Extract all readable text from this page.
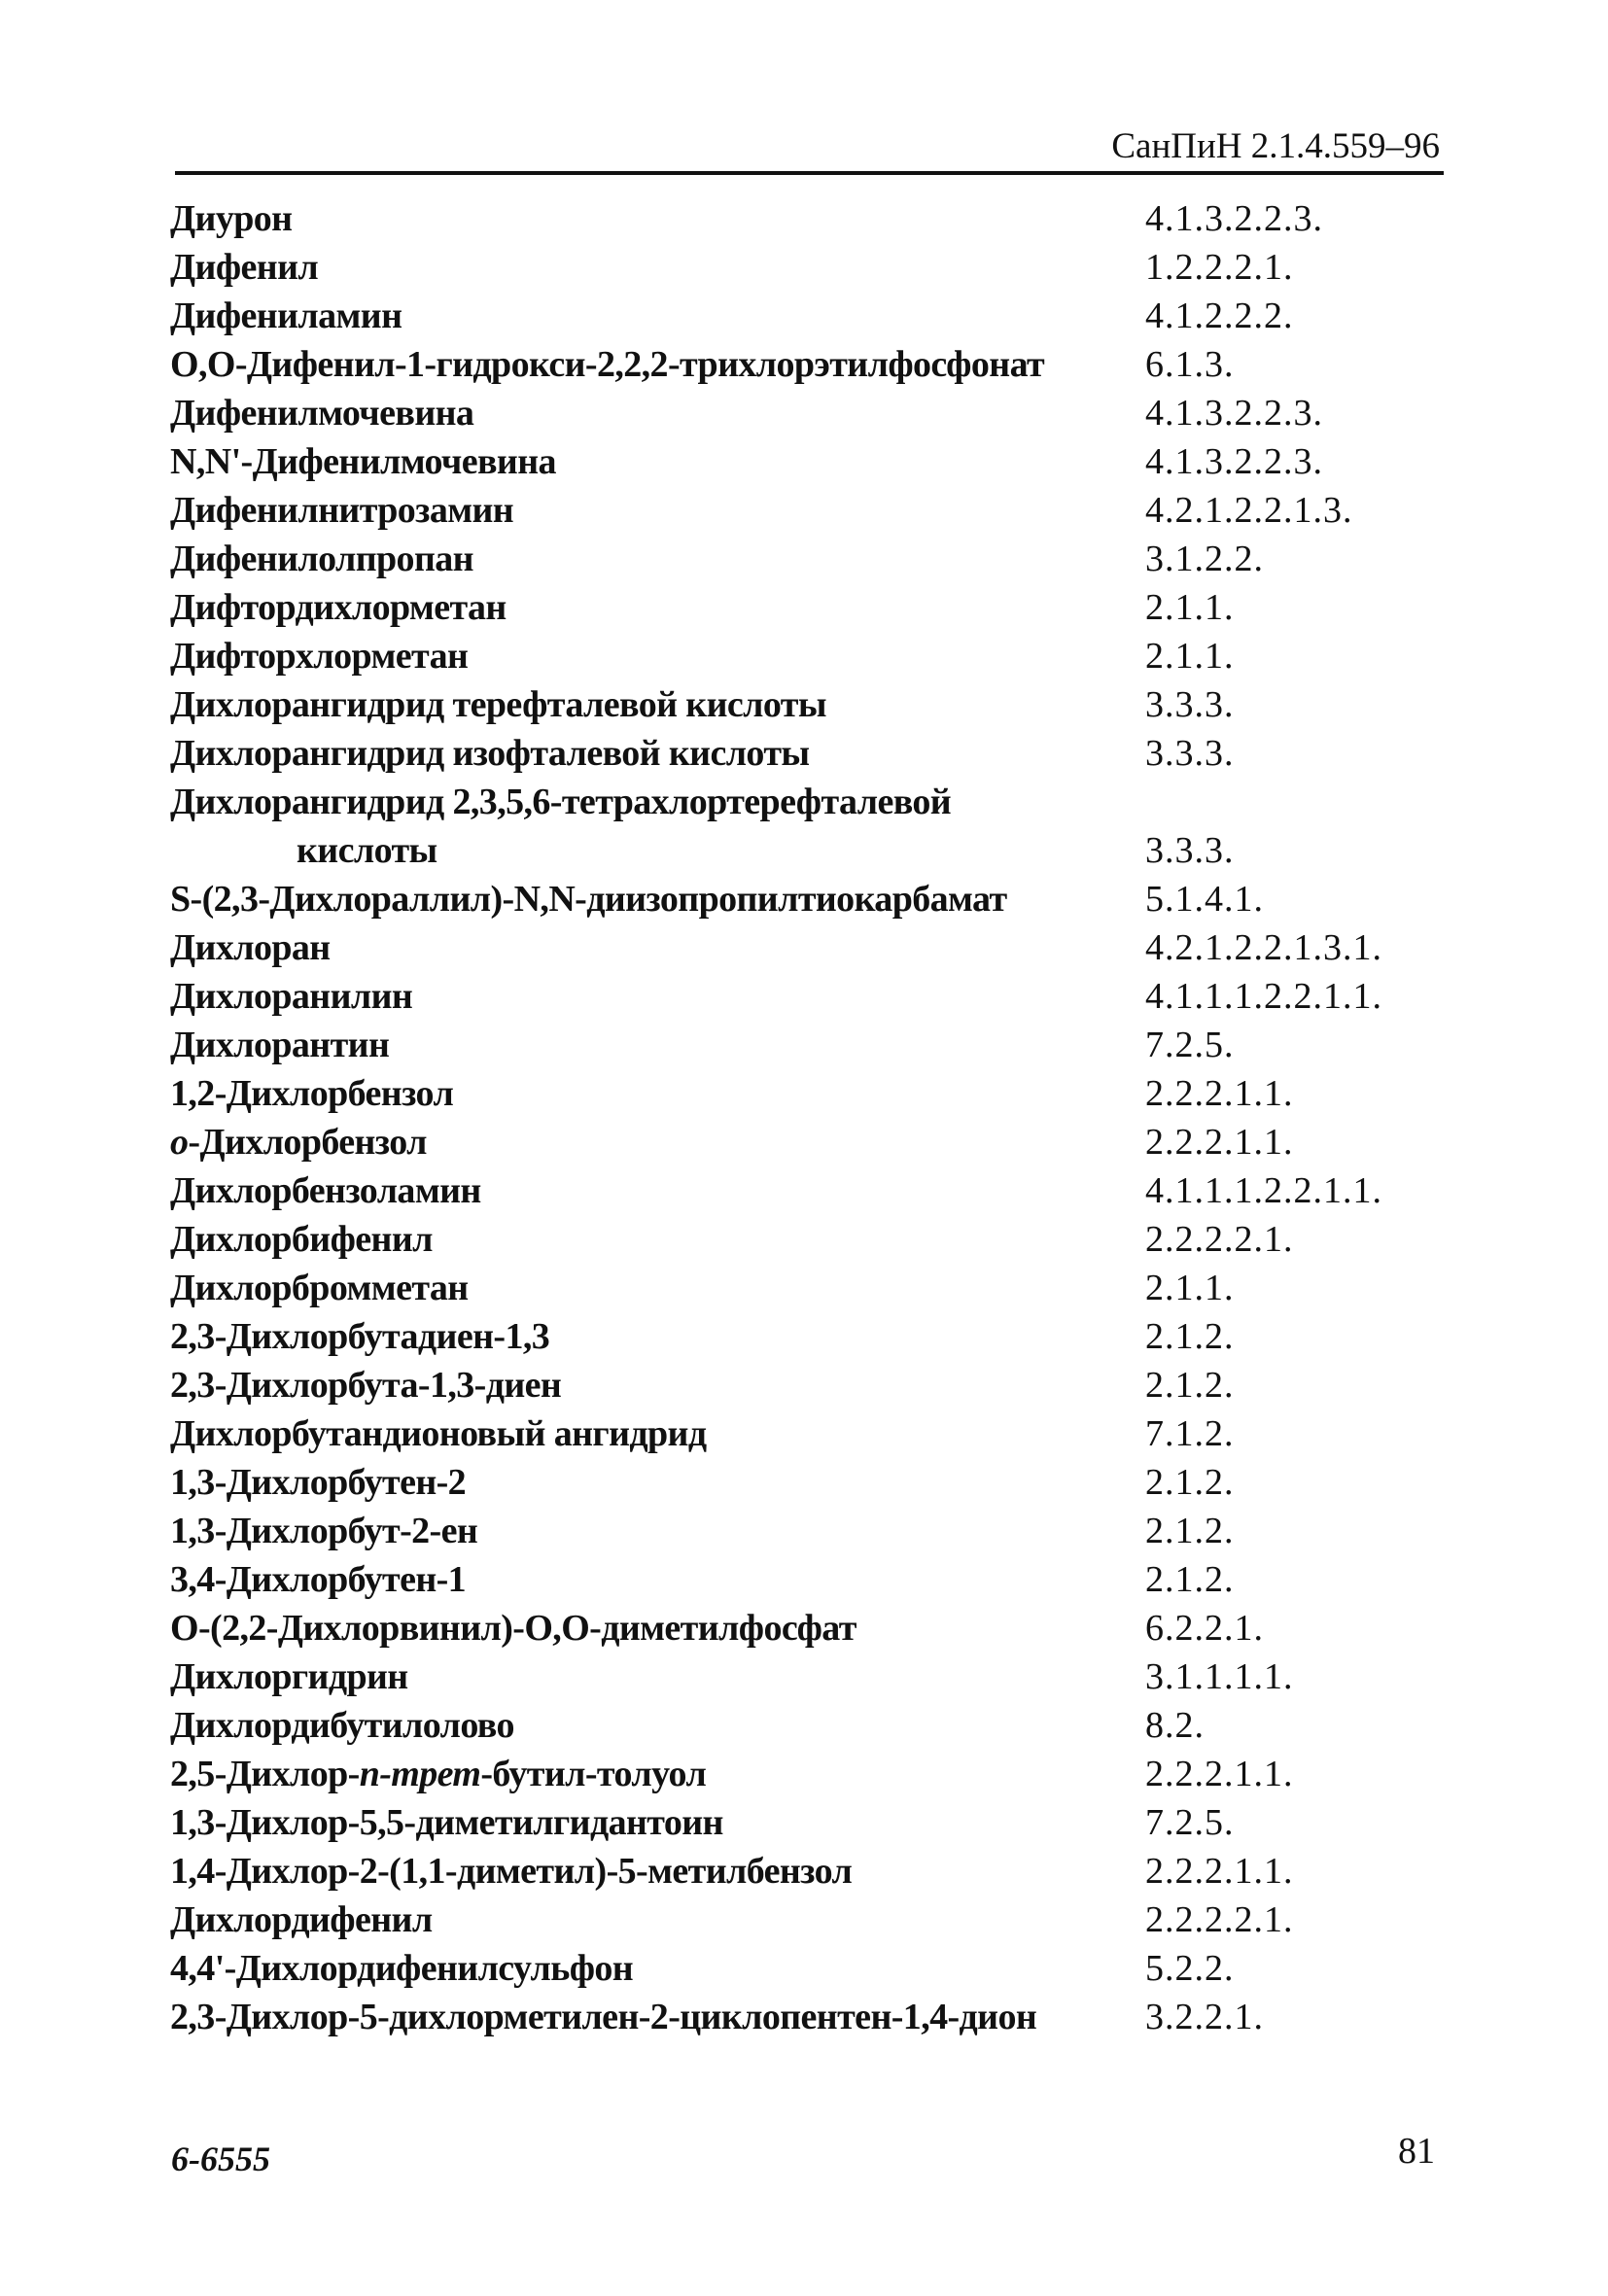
СанПиН 2.1.4.559–96
Диурон	4.1.3.2.2.3.
Дифенил	1.2.2.2.1.
Дифениламин	4.1.2.2.2.
O,O-Дифенил-1-гидрокси-2,2,2-трихлорэтилфосфонат	6.1.3.
Дифенилмочевина	4.1.3.2.2.3.
N,N'-Дифенилмочевина	4.1.3.2.2.3.
Дифенилнитрозамин	4.2.1.2.2.1.3.
Дифенилолпропан	3.1.2.2.
Дифтордихлорметан	2.1.1.
Дифторхлорметан	2.1.1.
Дихлорангидрид терефталевой кислоты	3.3.3.
Дихлорангидрид изофталевой кислоты	3.3.3.
Дихлорангидрид 2,3,5,6-тетрахлортерефталевой
кислоты	3.3.3.
S-(2,3-Дихлораллил)-N,N-диизопропилтиокарбамат	5.1.4.1.
Дихлоран	4.2.1.2.2.1.3.1.
Дихлоранилин	4.1.1.1.2.2.1.1.
Дихлорантин	7.2.5.
1,2-Дихлорбензол	2.2.2.1.1.
о-Дихлорбензол	2.2.2.1.1.
Дихлорбензоламин	4.1.1.1.2.2.1.1.
Дихлорбифенил	2.2.2.2.1.
Дихлорбромметан	2.1.1.
2,3-Дихлорбутадиен-1,3	2.1.2.
2,3-Дихлорбута-1,3-диен	2.1.2.
Дихлорбутандионовый ангидрид	7.1.2.
1,3-Дихлорбутен-2	2.1.2.
1,3-Дихлорбут-2-ен	2.1.2.
3,4-Дихлорбутен-1	2.1.2.
O-(2,2-Дихлорвинил)-O,O-диметилфосфат	6.2.2.1.
Дихлоргидрин	3.1.1.1.1.
Дихлордибутилолово	8.2.
2,5-Дихлор-n-трет-бутил-толуол	2.2.2.1.1.
1,3-Дихлор-5,5-диметилгидантоин	7.2.5.
1,4-Дихлор-2-(1,1-диметил)-5-метилбензол	2.2.2.1.1.
Дихлордифенил	2.2.2.2.1.
4,4'-Дихлордифенилсульфон	5.2.2.
2,3-Дихлор-5-дихлорметилен-2-циклопентен-1,4-дион	3.2.2.1.
6-6555	81
